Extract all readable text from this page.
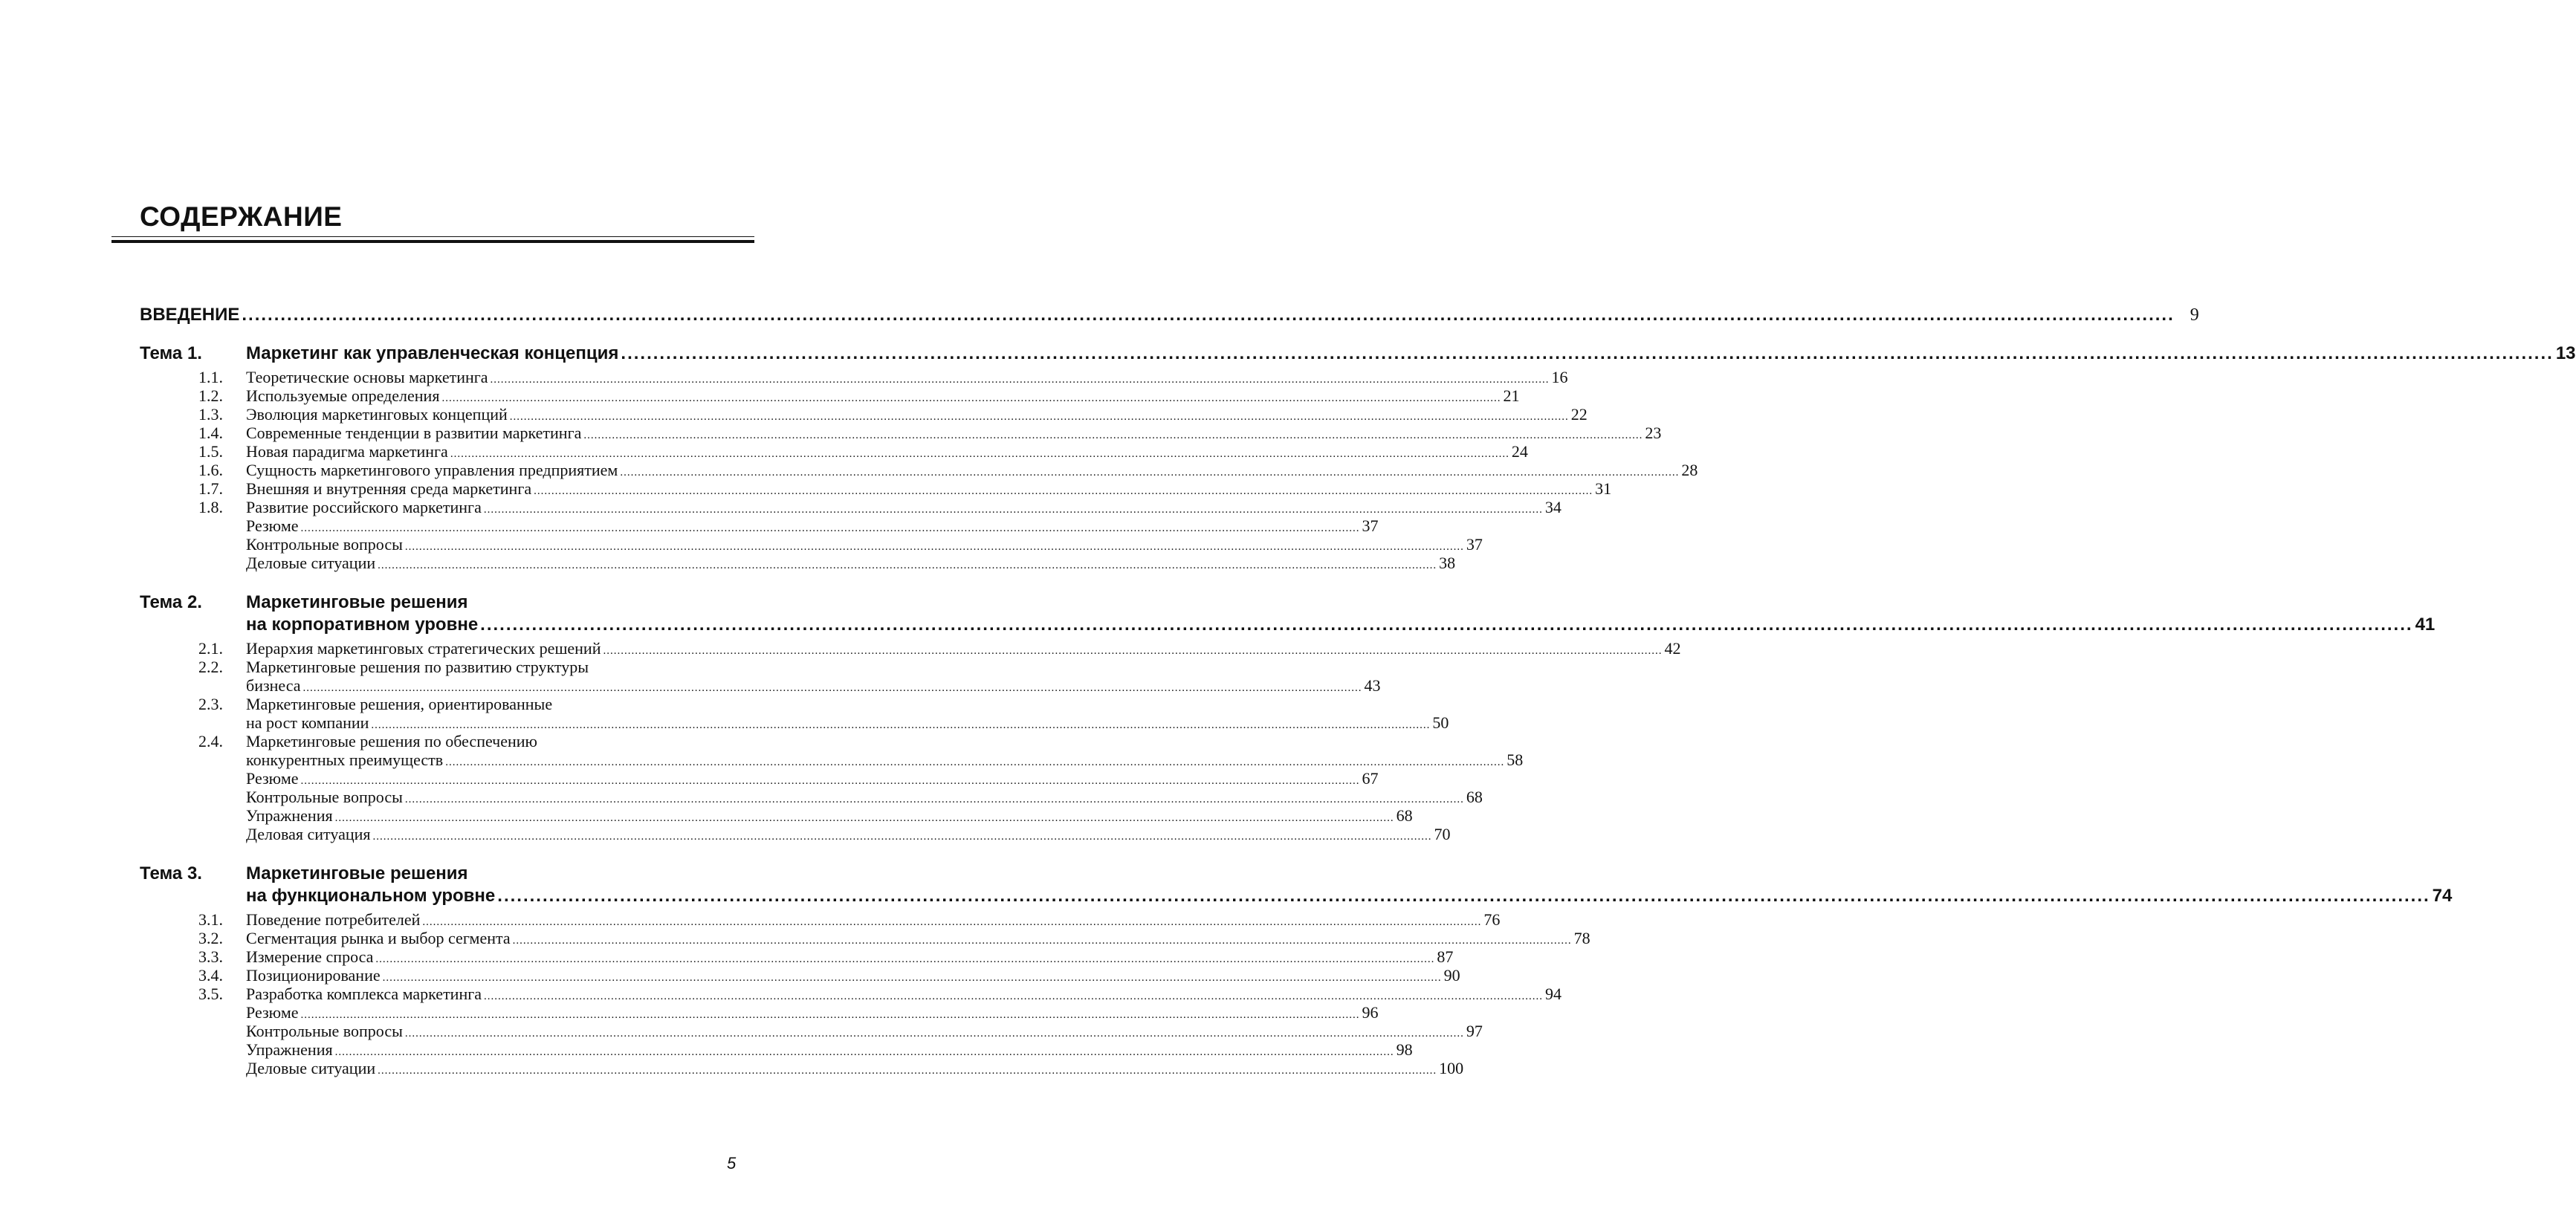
СОДЕРЖАНИЕ
ВВЕДЕНИЕ ............................................................................................................................................................................................................................................................................................................ 9
Тема 1. Маркетинг как управленческая концепция ............................................................................................................................................................................................................................................................................................................ 13
1.1.	Теоретические основы маркетинга ............................................................................................................................................................................................................................................................................................................ 16
1.2.	Используемые определения ............................................................................................................................................................................................................................................................................................................ 21
1.3.	Эволюция маркетинговых концепций ............................................................................................................................................................................................................................................................................................................ 22
1.4.	Современные тенденции в развитии маркетинга ............................................................................................................................................................................................................................................................................................................ 23
1.5.	Новая парадигма маркетинга ............................................................................................................................................................................................................................................................................................................ 24
1.6.	Сущность маркетингового управления предприятием ............................................................................................................................................................................................................................................................................................................ 28
1.7.	Внешняя и внутренняя среда маркетинга ............................................................................................................................................................................................................................................................................................................ 31
1.8.	Развитие российского маркетинга ............................................................................................................................................................................................................................................................................................................ 34
Резюме ............................................................................................................................................................................................................................................................................................................ 37
Контрольные вопросы ............................................................................................................................................................................................................................................................................................................ 37
Деловые ситуации ............................................................................................................................................................................................................................................................................................................ 38
Тема 2. Маркетинговые решения
на корпоративном уровне ............................................................................................................................................................................................................................................................................................................ 41
2.1.	Иерархия маркетинговых стратегических решений ............................................................................................................................................................................................................................................................................................................ 42
2.2. Маркетинговые решения по развитию структуры
бизнеса ............................................................................................................................................................................................................................................................................................................ 43
2.3. Маркетинговые решения, ориентированные
на рост компании ............................................................................................................................................................................................................................................................................................................ 50
2.4. Маркетинговые решения по обеспечению
конкурентных преимуществ ............................................................................................................................................................................................................................................................................................................ 58
Резюме ............................................................................................................................................................................................................................................................................................................ 67
Контрольные вопросы ............................................................................................................................................................................................................................................................................................................ 68
Упражнения ............................................................................................................................................................................................................................................................................................................ 68
Деловая ситуация ............................................................................................................................................................................................................................................................................................................ 70
Тема 3. Маркетинговые решения
на функциональном уровне ............................................................................................................................................................................................................................................................................................................ 74
3.1.	Поведение потребителей ............................................................................................................................................................................................................................................................................................................ 76
3.2.	Сегментация рынка и выбор сегмента ............................................................................................................................................................................................................................................................................................................ 78
3.3.	Измерение спроса ............................................................................................................................................................................................................................................................................................................ 87
3.4.	Позиционирование ............................................................................................................................................................................................................................................................................................................ 90
3.5.	Разработка комплекса маркетинга ............................................................................................................................................................................................................................................................................................................ 94
Резюме ............................................................................................................................................................................................................................................................................................................ 96
Контрольные вопросы ............................................................................................................................................................................................................................................................................................................ 97
Упражнения ............................................................................................................................................................................................................................................................................................................ 98
Деловые ситуации ............................................................................................................................................................................................................................................................................................................ 100
5
